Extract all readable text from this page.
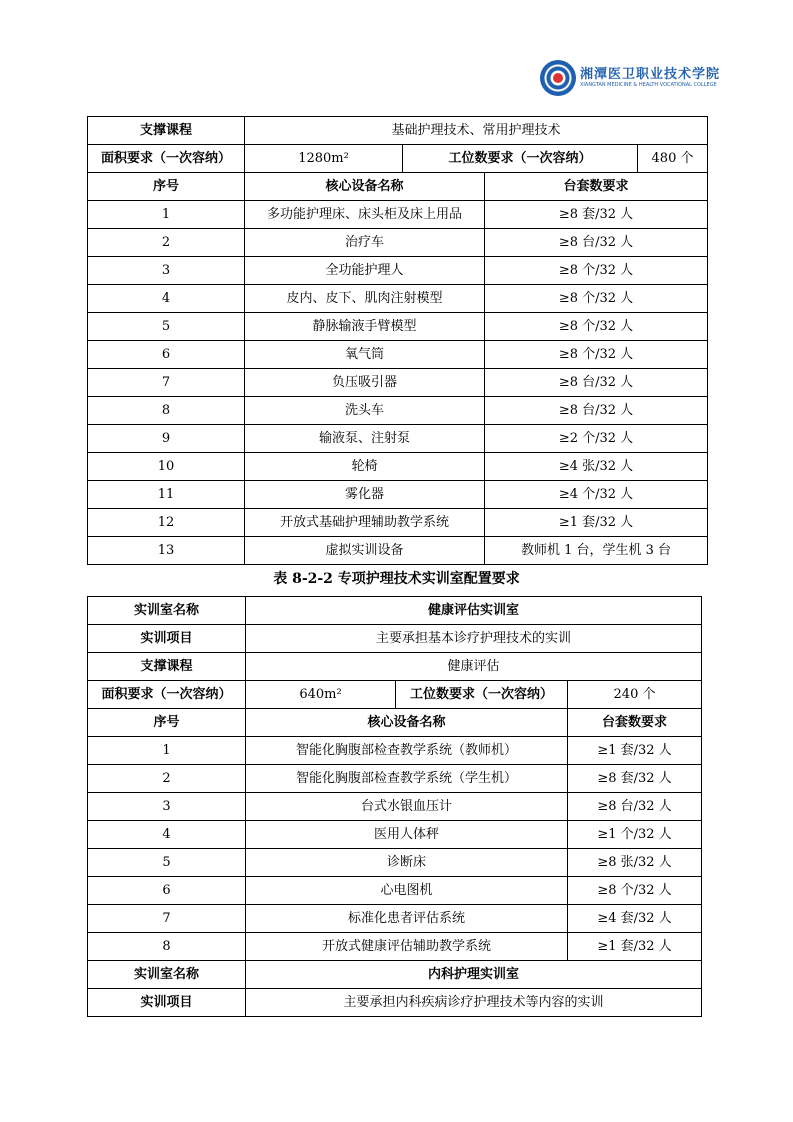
湘潭医卫职业技术学院
XIANGTAN MEDICINE & HEALTH VOCATIONAL COLLEGE
支撑课程	基础护理技术、常用护理技术			
面积要求（一次容纳）	1280m²	工位数要求（一次容纳）		480 个
序号	核心设备名称		台套数要求	
1	多功能护理床、床头柜及床上用品		≥8 套/32 人	
2	治疗车		≥8 台/32 人	
3	全功能护理人		≥8 个/32 人	
4	皮内、皮下、肌肉注射模型		≥8 个/32 人	
5	静脉输液手臂模型		≥8 个/32 人	
6	氧气筒		≥8 个/32 人	
7	负压吸引器		≥8 台/32 人	
8	洗头车		≥8 台/32 人	
9	输液泵、注射泵		≥2 个/32 人	
10	轮椅		≥4 张/32 人	
11	雾化器		≥4 个/32 人	
12	开放式基础护理辅助教学系统		≥1 套/32 人	
13	虚拟实训设备		教师机 1 台，学生机 3 台	
表 8-2-2 专项护理技术实训室配置要求
实训室名称	健康评估实训室		
实训项目	主要承担基本诊疗护理技术的实训		
支撑课程	健康评估		
面积要求（一次容纳）	640m²	工位数要求（一次容纳）	240 个
序号	核心设备名称		台套数要求
1	智能化胸腹部检查教学系统（教师机）		≥1 套/32 人
2	智能化胸腹部检查教学系统（学生机）		≥8 套/32 人
3	台式水银血压计		≥8 台/32 人
4	医用人体秤		≥1 个/32 人
5	诊断床		≥8 张/32 人
6	心电图机		≥8 个/32 人
7	标准化患者评估系统		≥4 套/32 人
8	开放式健康评估辅助教学系统		≥1 套/32 人
实训室名称	内科护理实训室		
实训项目	主要承担内科疾病诊疗护理技术等内容的实训		
